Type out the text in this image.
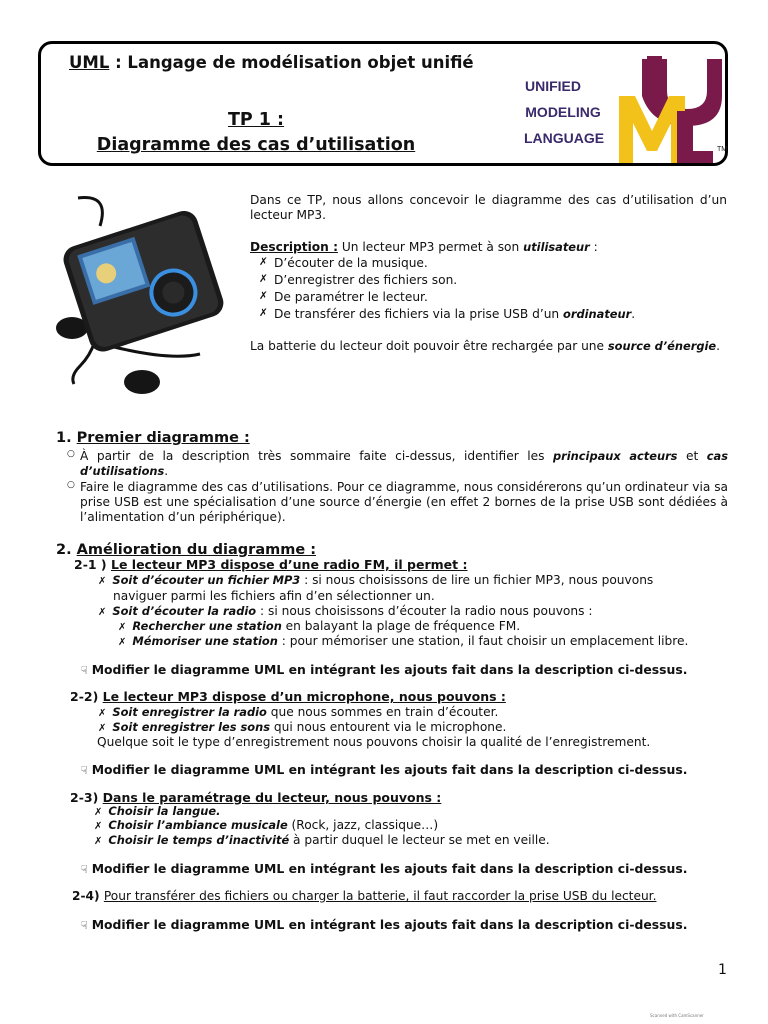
UML : Langage de modélisation objet unifié
TP 1 :
Diagramme des cas d’utilisation
UNIFIED
MODELING
LANGUAGE
TM

Dans ce TP, nous allons concevoir le diagramme des cas d’utilisation d’un lecteur MP3.

Description : Un lecteur MP3 permet à son utilisateur :

✗ D’écouter de la musique.
✗ D’enregistrer des fichiers son.
✗ De paramétrer le lecteur.
✗ De transférer des fichiers via la prise USB d’un ordinateur.

La batterie du lecteur doit pouvoir être rechargée par une source d’énergie.

1. Premier diagramme :
○ À partir de la description très sommaire faite ci-dessus, identifier les principaux acteurs et cas d’utilisations.
○ Faire le diagramme des cas d’utilisations. Pour ce diagramme, nous considérerons qu’un ordinateur via sa prise USB est une spécialisation d’une source d’énergie (en effet 2 bornes de la prise USB sont dédiées à l’alimentation d’un périphérique).
2. Amélioration du diagramme :
2-1 ) Le lecteur MP3 dispose d’une radio FM, il permet :
✗ Soit d’écouter un fichier MP3 : si nous choisissons de lire un fichier MP3, nous pouvons
naviguer parmi les fichiers afin d’en sélectionner un.
✗ Soit d’écouter la radio : si nous choisissons d’écouter la radio nous pouvons :
✗ Rechercher une station en balayant la plage de fréquence FM.
✗ Mémoriser une station : pour mémoriser une station, il faut choisir un emplacement libre.
☟ Modifier le diagramme UML en intégrant les ajouts fait dans la description ci-dessus.
2-2) Le lecteur MP3 dispose d’un microphone, nous pouvons :
✗ Soit enregistrer la radio que nous sommes en train d’écouter.
✗ Soit enregistrer les sons qui nous entourent via le microphone.
Quelque soit le type d’enregistrement nous pouvons choisir la qualité de l’enregistrement.
☟ Modifier le diagramme UML en intégrant les ajouts fait dans la description ci-dessus.
2-3) Dans le paramétrage du lecteur, nous pouvons :
✗ Choisir la langue.
✗ Choisir l’ambiance musicale (Rock, jazz, classique…)
✗ Choisir le temps d’inactivité à partir duquel le lecteur se met en veille.
☟ Modifier le diagramme UML en intégrant les ajouts fait dans la description ci-dessus.
2-4) Pour transférer des fichiers ou charger la batterie, il faut raccorder la prise USB du lecteur.
☟ Modifier le diagramme UML en intégrant les ajouts fait dans la description ci-dessus.
1
Scanned with CamScanner
